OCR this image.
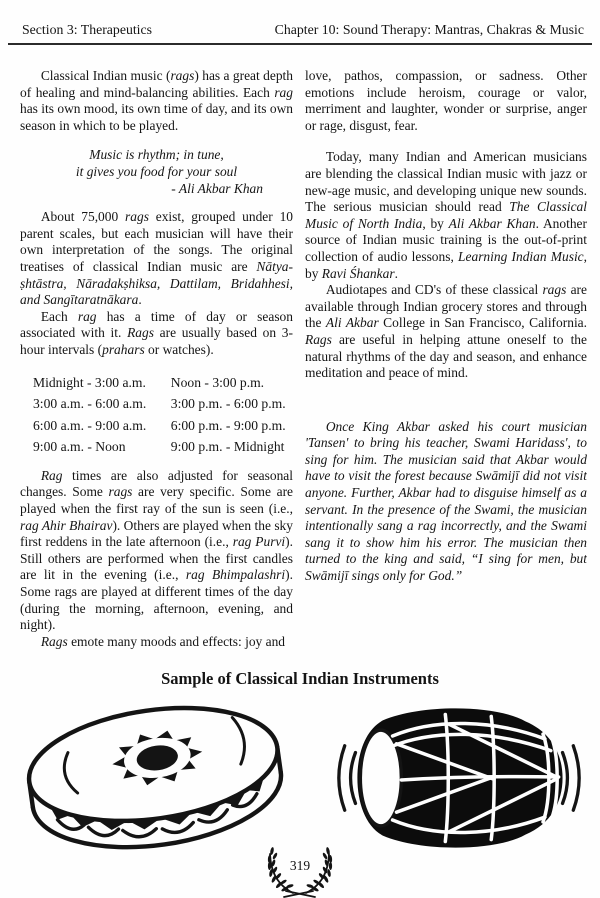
Section 3: Therapeutics	Chapter 10: Sound Therapy: Mantras, Chakras & Music

Classical Indian music (rags) has a great depth of healing and mind-balancing abilities. Each rag has its own mood, its own time of day, and its own season in which to be played.

Music is rhythm; in tune,
it gives you food for your soul
- Ali Akbar Khan

About 75,000 rags exist, grouped under 10 parent scales, but each musician will have their own interpretation of the songs. The original treatises of classical Indian music are Nātya-ṣhtāstra, Nāradakṣhiksa, Dattilam, Bridahhesi, and Sangītaratnākara.

Each rag has a time of day or season associated with it. Rags are usually based on 3-hour intervals (prahars or watches).

Midnight - 3:00 a.m.	Noon - 3:00 p.m.
3:00 a.m. - 6:00 a.m.	3:00 p.m. - 6:00 p.m.
6:00 a.m. - 9:00 a.m.	6:00 p.m. - 9:00 p.m.
9:00 a.m. - Noon	9:00 p.m. - Midnight

Rag times are also adjusted for seasonal changes. Some rags are very specific. Some are played when the first ray of the sun is seen (i.e., rag Ahir Bhairav). Others are played when the sky first reddens in the late afternoon (i.e., rag Purvi). Still others are performed when the first candles are lit in the evening (i.e., rag Bhimpalashri). Some rags are played at different times of the day (during the morning, afternoon, evening, and night).

Rags emote many moods and effects: joy and

love, pathos, compassion, or sadness. Other emotions include heroism, courage or valor, merriment and laughter, wonder or surprise, anger or rage, disgust, fear.

Today, many Indian and American musicians are blending the classical Indian music with jazz or new-age music, and developing unique new sounds. The serious musician should read The Classical Music of North India, by Ali Akbar Khan. Another source of Indian music training is the out-of-print collection of audio lessons, Learning Indian Music, by Ravi Śhankar.

Audiotapes and CD's of these classical rags are available through Indian grocery stores and through the Ali Akbar College in San Francisco, California. Rags are useful in helping attune oneself to the natural rhythms of the day and season, and enhance meditation and peace of mind.

Once King Akbar asked his court musician 'Tansen' to bring his teacher, Swami Haridass', to sing for him. The musician said that Akbar would have to visit the forest because Swāmijī did not visit anyone. Further, Akbar had to disguise himself as a servant. In the presence of the Swami, the musician intentionally sang a rag incorrectly, and the Swami sang it to show him his error. The musician then turned to the king and said, “I sing for men, but Swāmijī sings only for God.”

Sample of Classical Indian Instruments
319
